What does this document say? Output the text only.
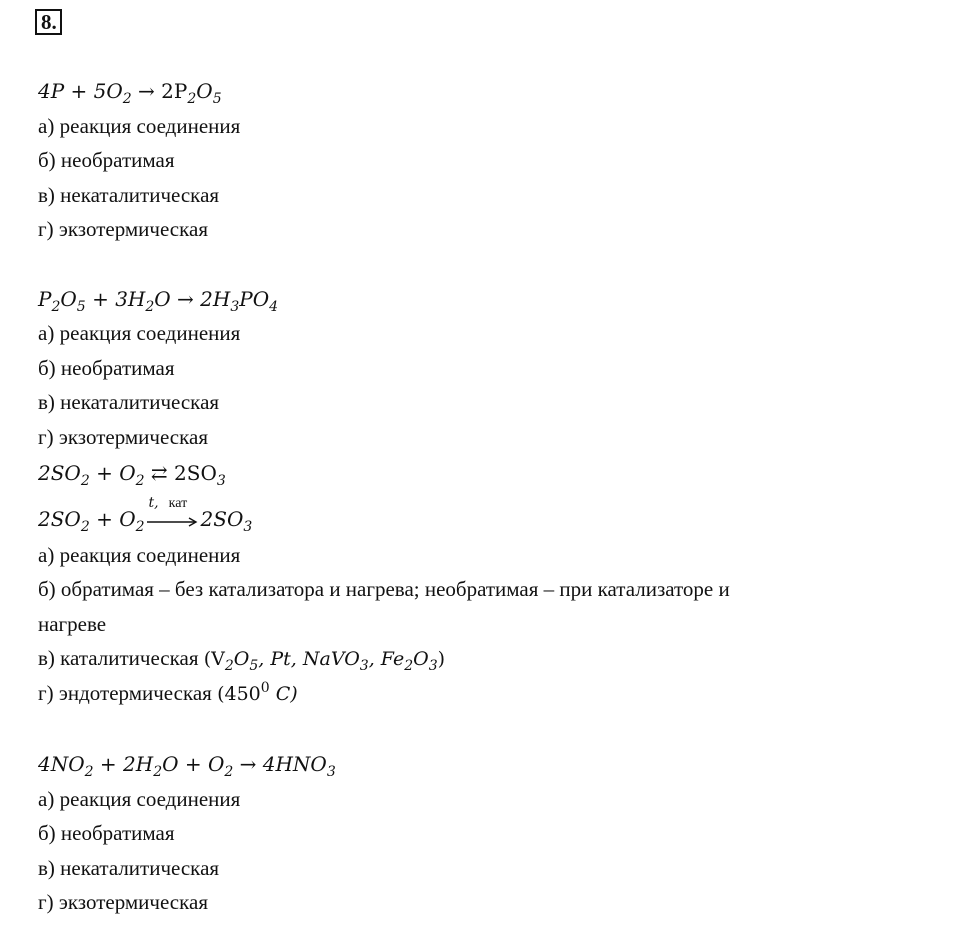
8.
$4P + 5O_2 \to 2P_2O_5$
а) реакция соединения
б) необратимая
в) некаталитическая
г) экзотермическая
$P_2O_5 + 3H_2O \to 2H_3PO_4$
а) реакция соединения
б) необратимая
в) некаталитическая
г) экзотермическая
$2SO_2 + O_2$ ⇄ $2SO_3$
$2SO_2 + O_2$
t, кат
$2SO_3$
а) реакция соединения
б) обратимая – без катализатора и нагрева; необратимая – при катализаторе и
нагреве
в) каталитическая ($V_2O_5$, Pt, NaVO$_3$, $Fe_2O_3$)
г) эндотермическая ($450^0$ C)
$4NO_2 + 2H_2O + O_2 \to 4HNO_3$
а) реакция соединения
б) необратимая
в) некаталитическая
г) экзотермическая
